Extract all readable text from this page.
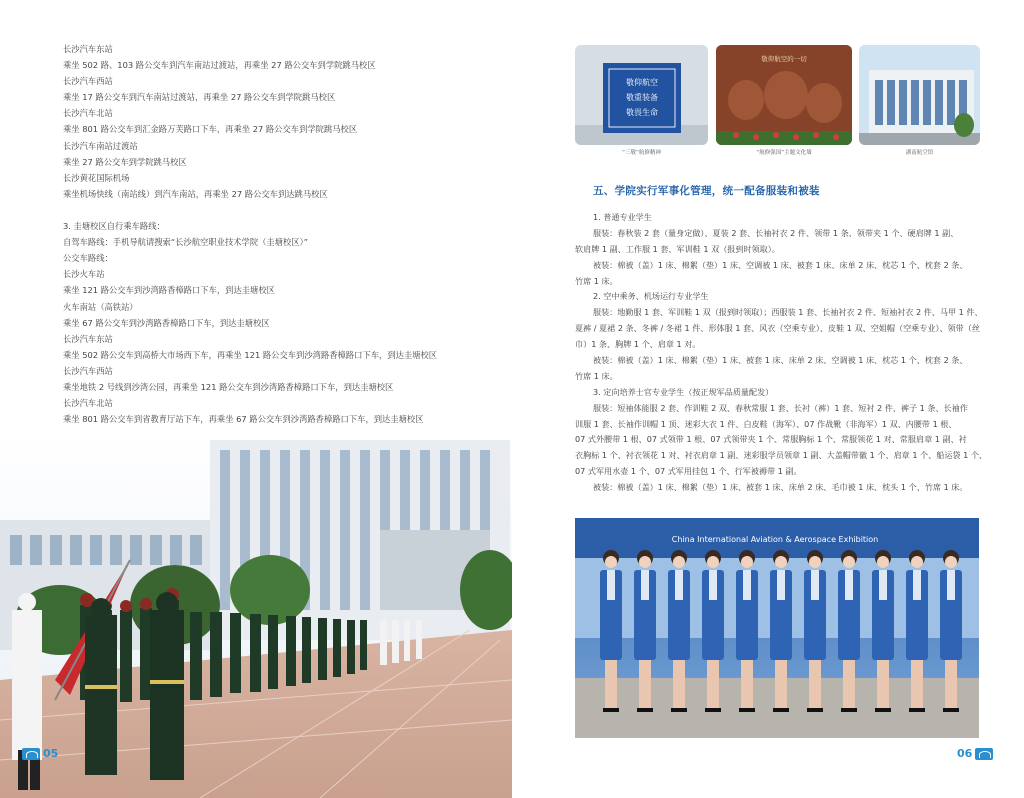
长沙汽车东站
乘坐 502 路、103 路公交车到汽车南站过渡站，再乘坐 27 路公交车到学院跳马校区
长沙汽车西站
乘坐 17 路公交车到汽车南站过渡站，再乘坐 27 路公交车到学院跳马校区
长沙汽车北站
乘坐 801 路公交车到汇金路万芙路口下车，再乘坐 27 路公交车到学院跳马校区
长沙汽车南站过渡站
乘坐 27 路公交车到学院跳马校区
长沙黄花国际机场
乘坐机场快线（南站线）到汽车南站，再乘坐 27 路公交车到达跳马校区
3. 圭塘校区自行乘车路线：
自驾车路线：手机导航请搜索“长沙航空职业技术学院（圭塘校区）”
公交车路线：
长沙火车站
乘坐 121 路公交车到沙湾路香樟路口下车，到达圭塘校区
火车南站（高铁站）
乘坐 67 路公交车到沙湾路香樟路口下车，到达圭塘校区
长沙汽车东站
乘坐 502 路公交车到高桥大市场西下车，再乘坐 121 路公交车到沙湾路香樟路口下车，到达圭塘校区
长沙汽车西站
乘坐地铁 2 号线到沙湾公园，再乘坐 121 路公交车到沙湾路香樟路口下车，到达圭塘校区
长沙汽车北站
乘坐 801 路公交车到省教育厅站下车，再乘坐 67 路公交车到沙湾路香樟路口下车，到达圭塘校区
05
敬仰航空
敬重装备
敬畏生命
敬仰航空的一切
“三敬”航修精神	“航修强国”主题文化墙	湖南航空馆
五、学院实行军事化管理，统一配备服装和被装
1. 普通专业学生
服装：春秋装 2 套（量身定做）、夏装 2 套、长袖衬衣 2 件、领带 1 条、领带夹 1 个、硬肩牌 1 副、
软肩牌 1 副、工作服 1 套、军训鞋 1 双（报到时领取）。
被装：棉被（盖）1 床、棉絮（垫）1 床、空调被 1 床、被套 1 床、床单 2 床、枕芯 1 个、枕套 2 条、
竹席 1 床。
2. 空中乘务、机场运行专业学生
服装：地勤服 1 套、军训鞋 1 双（报到时领取）；西服装 1 套、长袖衬衣 2 件、短袖衬衣 2 件、马甲 1 件、
夏裤 / 夏裙 2 条、冬裤 / 冬裙 1 件、形体服 1 套、风衣（空乘专业）、皮鞋 1 双、空姐帽（空乘专业）、领带（丝
巾）1 条、胸牌 1 个、肩章 1 对。
被装：棉被（盖）1 床、棉絮（垫）1 床、被套 1 床、床单 2 床、空调被 1 床、枕芯 1 个、枕套 2 条、
竹席 1 床。
3. 定向培养士官专业学生（按正规军品质量配发）
服装：短袖体能服 2 套、作训鞋 2 双、春秋常服 1 套、长衬（裤）1 套、短衬 2 件、裤子 1 条、长袖作
训服 1 套、长袖作训帽 1 顶、迷彩大衣 1 件、白皮鞋（海军）、07 作战靴（非海军）1 双、内腰带 1 根、
07 式外腰带 1 根、07 式领带 1 根、07 式领带夹 1 个、常服胸标 1 个、常服领花 1 对、常服肩章 1 副、衬
衣胸标 1 个、衬衣领花 1 对、衬衣肩章 1 副、迷彩服学员领章 1 副、大盖帽带徽 1 个、肩章 1 个、船运袋 1 个、
07 式军用水壶 1 个、07 式军用挂包 1 个、行军被褥带 1 副。
被装：棉被（盖）1 床、棉絮（垫）1 床、被套 1 床、床单 2 床、毛巾被 1 床、枕头 1 个、竹席 1 床。
China International Aviation & Aerospace Exhibition
06
